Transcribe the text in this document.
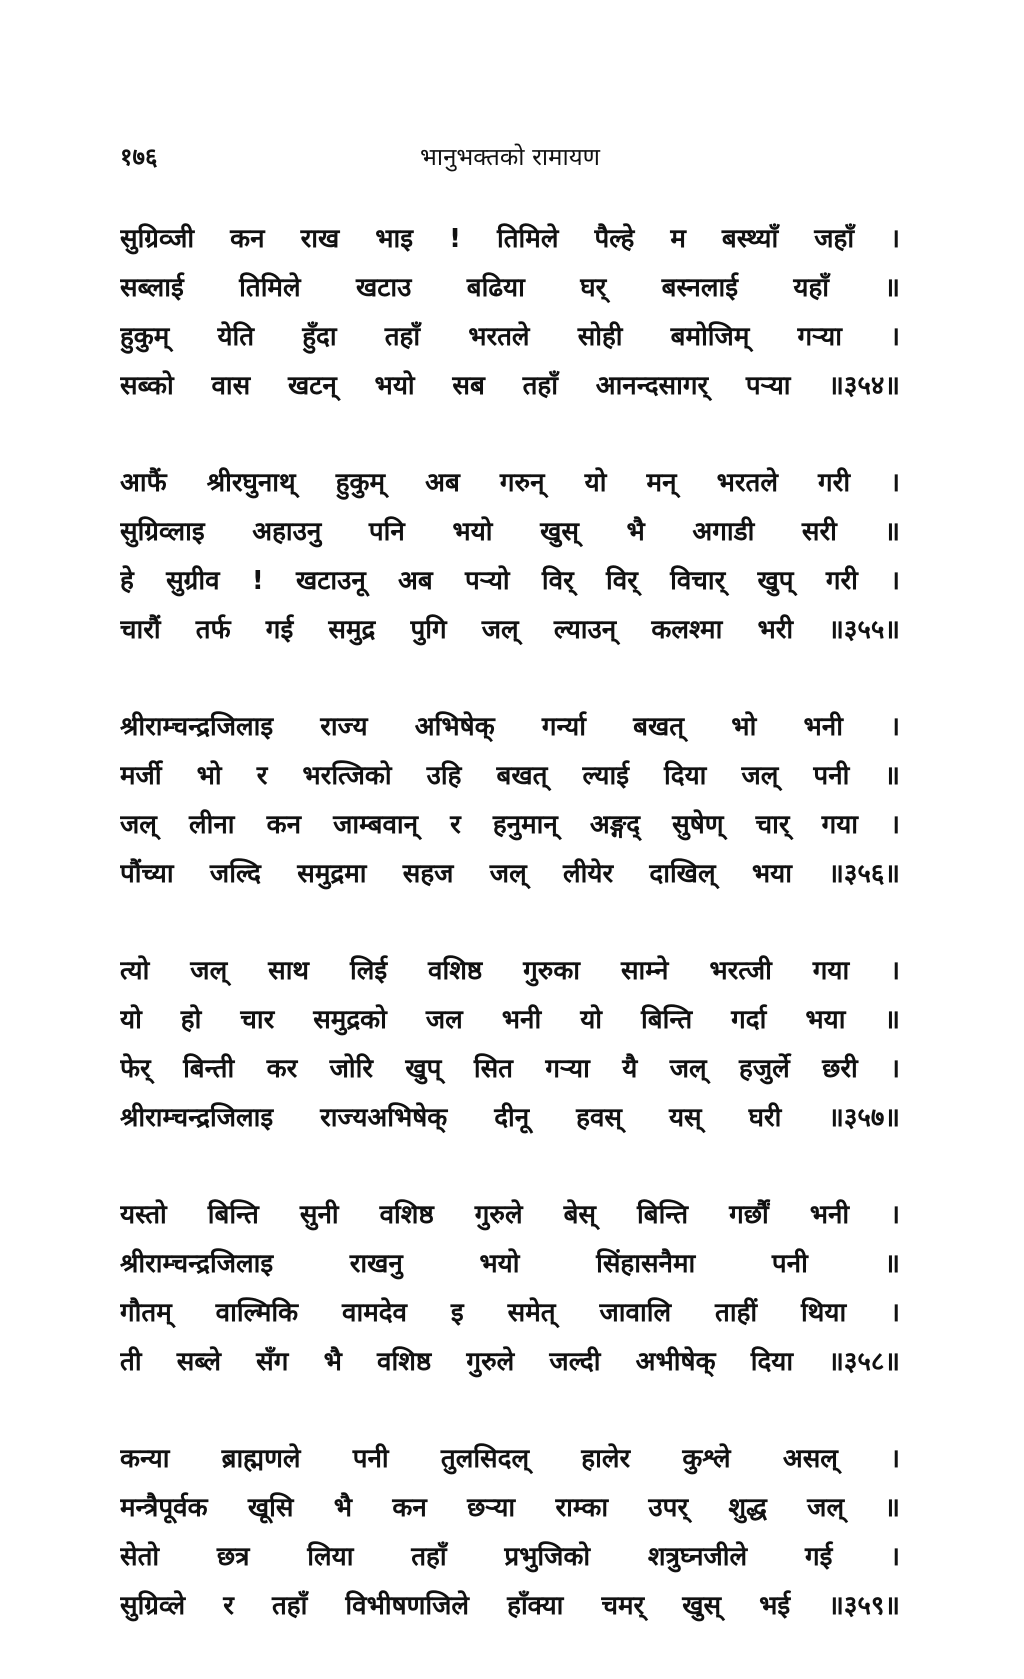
१७६	भानुभक्तको रामायण
सुग्रिव्जी कन राख भाइ ! तिमिले पैल्हे म बस्थ्याँ जहाँ ।
सब्लाई तिमिले खटाउ बढिया घर् बस्नलाई यहाँ ॥
हुकुम् येति हुँदा तहाँ भरतले सोही बमोजिम् गऱ्या ।
सब्को वास खटन् भयो सब तहाँ आनन्दसागर् पऱ्या ॥३५४॥
आफैं श्रीरघुनाथ् हुकुम् अब गरुन् यो मन् भरतले गरी ।
सुग्रिव्लाइ अहाउनु पनि भयो खुस् भै अगाडी सरी ॥
हे सुग्रीव ! खटाउनू अब पऱ्यो विर् विर् विचार् खुप् गरी ।
चारौं तर्फ गई समुद्र पुगि जल् ल्याउन् कलश्मा भरी ॥३५५॥
श्रीराम्चन्द्रजिलाइ राज्य अभिषेक् गर्न्या बखत् भो भनी ।
मर्जी भो र भरत्जिको उहि बखत् ल्याई दिया जल् पनी ॥
जल् लीना कन जाम्बवान् र हनुमान् अङ्गद् सुषेण् चार् गया ।
पौंच्या जल्दि समुद्रमा सहज जल् लीयेर दाखिल् भया ॥३५६॥
त्यो जल् साथ लिई वशिष्ठ गुरुका साम्ने भरत्जी गया ।
यो हो चार समुद्रको जल भनी यो बिन्ति गर्दा भया ॥
फेर् बिन्ती कर जोरि खुप् सित गऱ्या यै जल् हजुर्ले छरी ।
श्रीराम्चन्द्रजिलाइ राज्यअभिषेक् दीनू हवस् यस् घरी ॥३५७॥
यस्तो बिन्ति सुनी वशिष्ठ गुरुले बेस् बिन्ति गर्छौं भनी ।
श्रीराम्चन्द्रजिलाइ राखनु भयो सिंहासनैमा पनी ॥
गौतम् वाल्मिकि वामदेव इ समेत् जावालि ताहीं थिया ।
ती सब्ले सँग भै वशिष्ठ गुरुले जल्दी अभीषेक् दिया ॥३५८॥
कन्या ब्राह्मणले पनी तुलसिदल् हालेर कुश्ले असल् ।
मन्त्रैपूर्वक खूसि भै कन छऱ्या राम्का उपर् शुद्ध जल् ॥
सेतो छत्र लिया तहाँ प्रभुजिको शत्रुघ्नजीले गई ।
सुग्रिव्ले र तहाँ विभीषणजिले हाँक्या चमर् खुस् भई ॥३५९॥
